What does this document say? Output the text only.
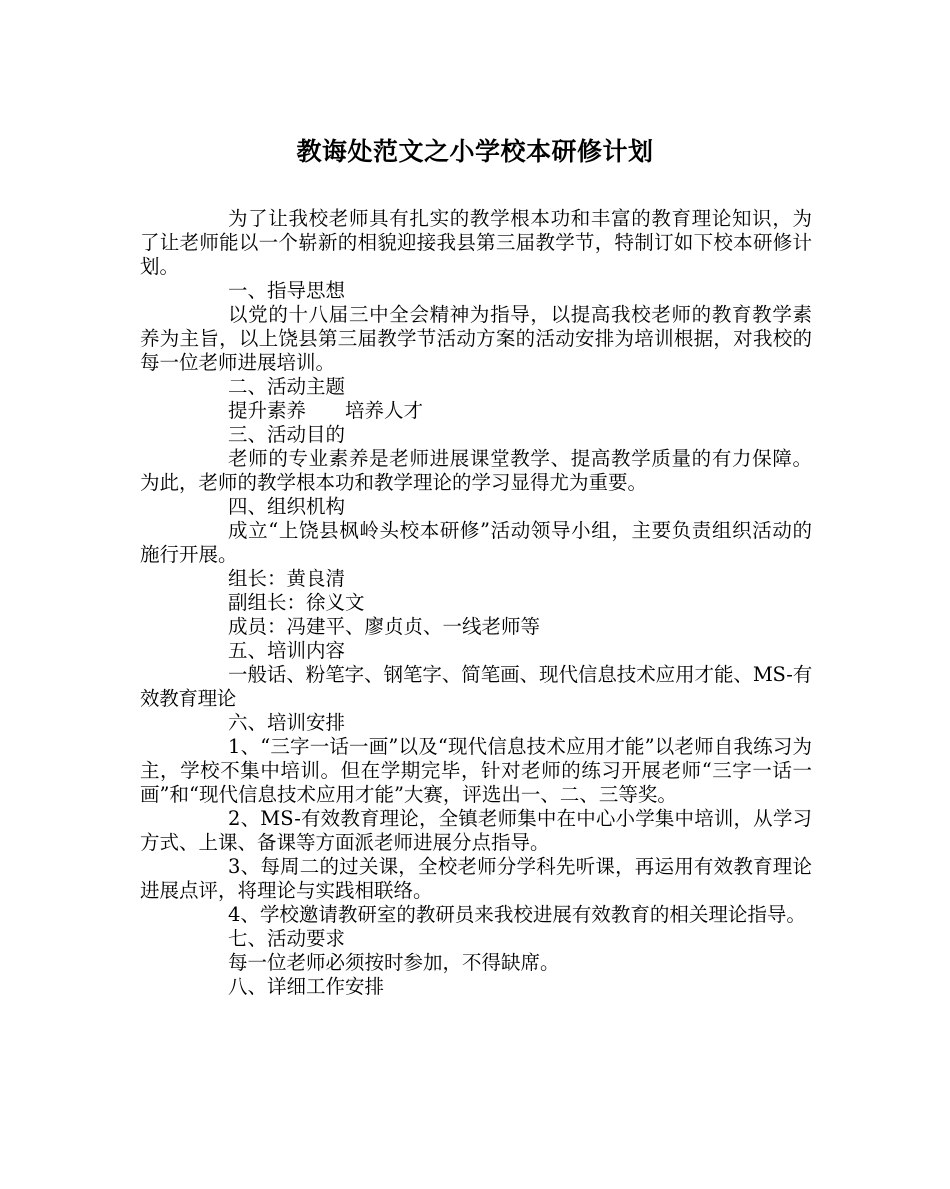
教诲处范文之小学校本研修计划

为了让我校老师具有扎实的教学根本功和丰富的教育理论知识，为了让老师能以一个崭新的相貌迎接我县第三届教学节，特制订如下校本研修计划。

一、指导思想

以党的十八届三中全会精神为指导，以提高我校老师的教育教学素养为主旨，以上饶县第三届教学节活动方案的活动安排为培训根据，对我校的每一位老师进展培训。

二、活动主题

提升素养　　培养人才

三、活动目的

老师的专业素养是老师进展课堂教学、提高教学质量的有力保障。为此，老师的教学根本功和教学理论的学习显得尤为重要。

四、组织机构

成立“上饶县枫岭头校本研修”活动领导小组，主要负责组织活动的施行开展。

组长：黄良清

副组长：徐义文

成员：冯建平、廖贞贞、一线老师等

五、培训内容

一般话、粉笔字、钢笔字、简笔画、现代信息技术应用才能、MS-有效教育理论

六、培训安排

1、“三字一话一画”以及“现代信息技术应用才能”以老师自我练习为主，学校不集中培训。但在学期完毕，针对老师的练习开展老师“三字一话一画”和“现代信息技术应用才能”大赛，评选出一、二、三等奖。

2、MS-有效教育理论，全镇老师集中在中心小学集中培训，从学习方式、上课、备课等方面派老师进展分点指导。

3、每周二的过关课，全校老师分学科先听课，再运用有效教育理论进展点评，将理论与实践相联络。

4、学校邀请教研室的教研员来我校进展有效教育的相关理论指导。

七、活动要求

每一位老师必须按时参加，不得缺席。

八、详细工作安排
